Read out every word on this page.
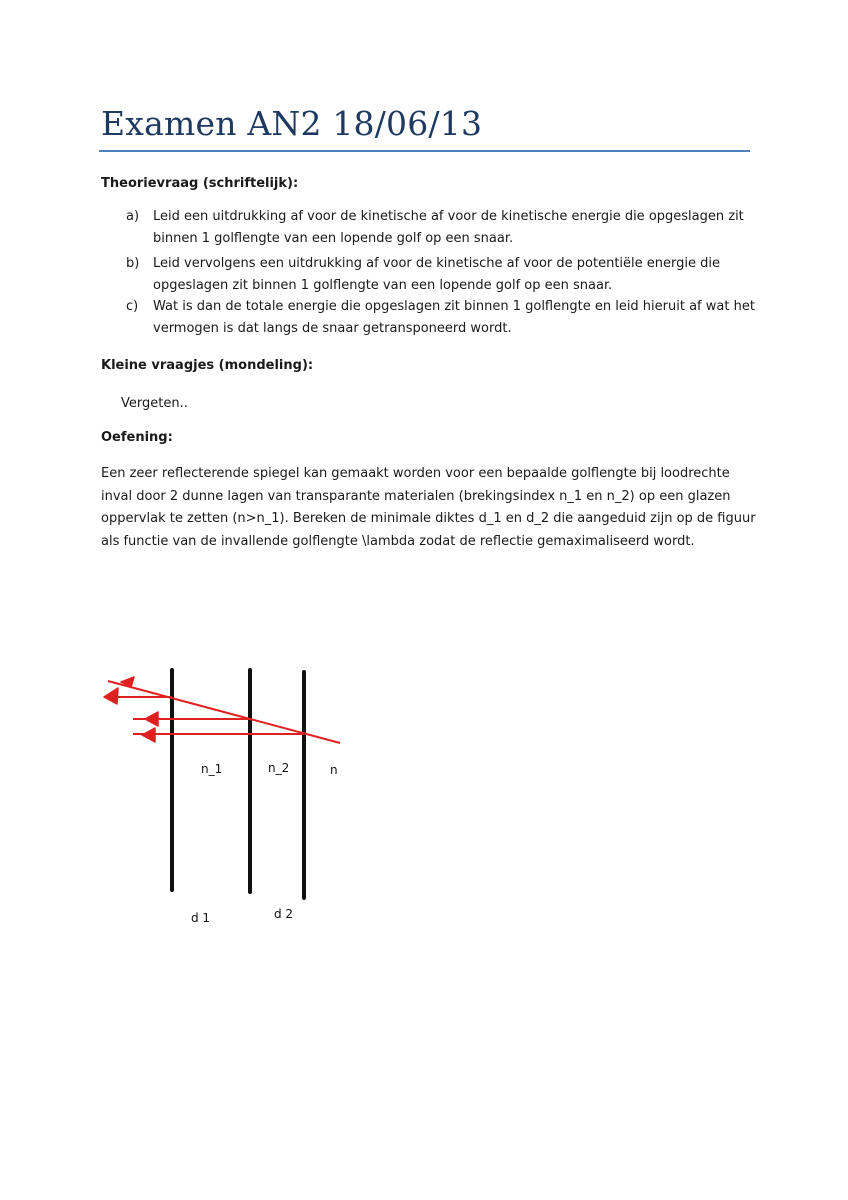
Examen AN2 18/06/13
Theorievraag (schriftelijk):
a) Leid een uitdrukking af voor de kinetische af voor de kinetische energie die opgeslagen zit
binnen 1 golflengte van een lopende golf op een snaar.
b) Leid vervolgens een uitdrukking af voor de kinetische af voor de potentiële energie die
opgeslagen zit binnen 1 golflengte van een lopende golf op een snaar.
c) Wat is dan de totale energie die opgeslagen zit binnen 1 golflengte en leid hieruit af wat het
vermogen is dat langs de snaar getransponeerd wordt.
Kleine vraagjes (mondeling):
Vergeten..
Oefening:
Een zeer reflecterende spiegel kan gemaakt worden voor een bepaalde golflengte bij loodrechte
inval door 2 dunne lagen van transparante materialen (brekingsindex n_1 en n_2) op een glazen
oppervlak te zetten (n>n_1). Bereken de minimale diktes d_1 en d_2 die aangeduid zijn op de figuur
als functie van de invallende golflengte \lambda zodat de reflectie gemaximaliseerd wordt.
n_1	n_2	n
d 1	d 2
